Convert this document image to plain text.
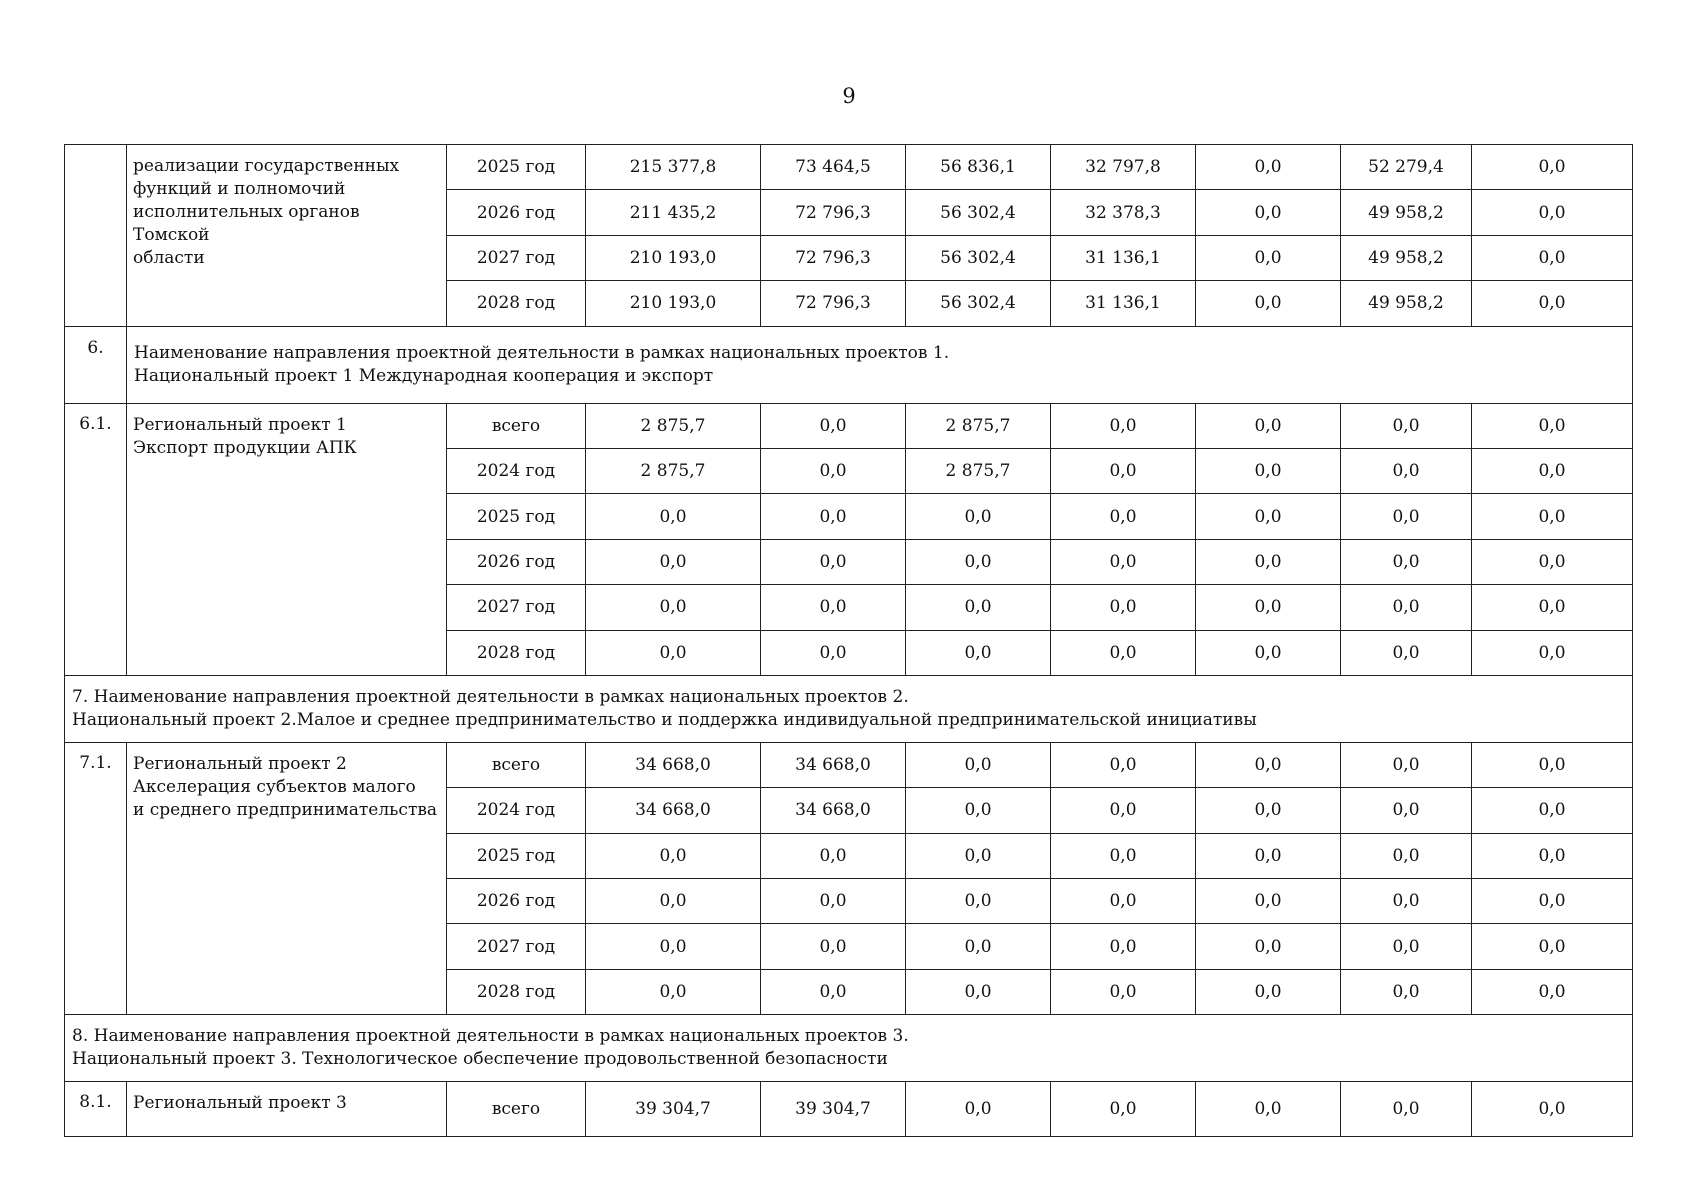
9

	реализации государственных
функций и полномочий
исполнительных органов Томской
области	2025 год	215 377,8	73 464,5	56 836,1	32 797,8	0,0	52 279,4	0,0
		2026 год	211 435,2	72 796,3	56 302,4	32 378,3	0,0	49 958,2	0,0
		2027 год	210 193,0	72 796,3	56 302,4	31 136,1	0,0	49 958,2	0,0
		2028 год	210 193,0	72 796,3	56 302,4	31 136,1	0,0	49 958,2	0,0
6.	Наименование направления проектной деятельности в рамках национальных проектов 1.
Национальный проект 1 Международная кооперация и экспорт								

6.1.	Региональный проект 1
Экспорт продукции АПК	всего	2 875,7	0,0	2 875,7	0,0	0,0	0,0	0,0
		2024 год	2 875,7	0,0	2 875,7	0,0	0,0	0,0	0,0
		2025 год	0,0	0,0	0,0	0,0	0,0	0,0	0,0
		2026 год	0,0	0,0	0,0	0,0	0,0	0,0	0,0
		2027 год	0,0	0,0	0,0	0,0	0,0	0,0	0,0
		2028 год	0,0	0,0	0,0	0,0	0,0	0,0	0,0

7. Наименование направления проектной деятельности в рамках национальных проектов 2.
Национальный проект 2.Малое и среднее предпринимательство и поддержка индивидуальной предпринимательской инициативы									

7.1.	Региональный проект 2
Акселерация субъектов малого
и среднего предпринимательства	всего	34 668,0	34 668,0	0,0	0,0	0,0	0,0	0,0
		2024 год	34 668,0	34 668,0	0,0	0,0	0,0	0,0	0,0
		2025 год	0,0	0,0	0,0	0,0	0,0	0,0	0,0
		2026 год	0,0	0,0	0,0	0,0	0,0	0,0	0,0
		2027 год	0,0	0,0	0,0	0,0	0,0	0,0	0,0
		2028 год	0,0	0,0	0,0	0,0	0,0	0,0	0,0

8. Наименование направления проектной деятельности в рамках национальных проектов 3.
Национальный проект 3. Технологическое обеспечение продовольственной безопасности									

8.1.	Региональный проект 3	всего	39 304,7	39 304,7	0,0	0,0	0,0	0,0	0,0
